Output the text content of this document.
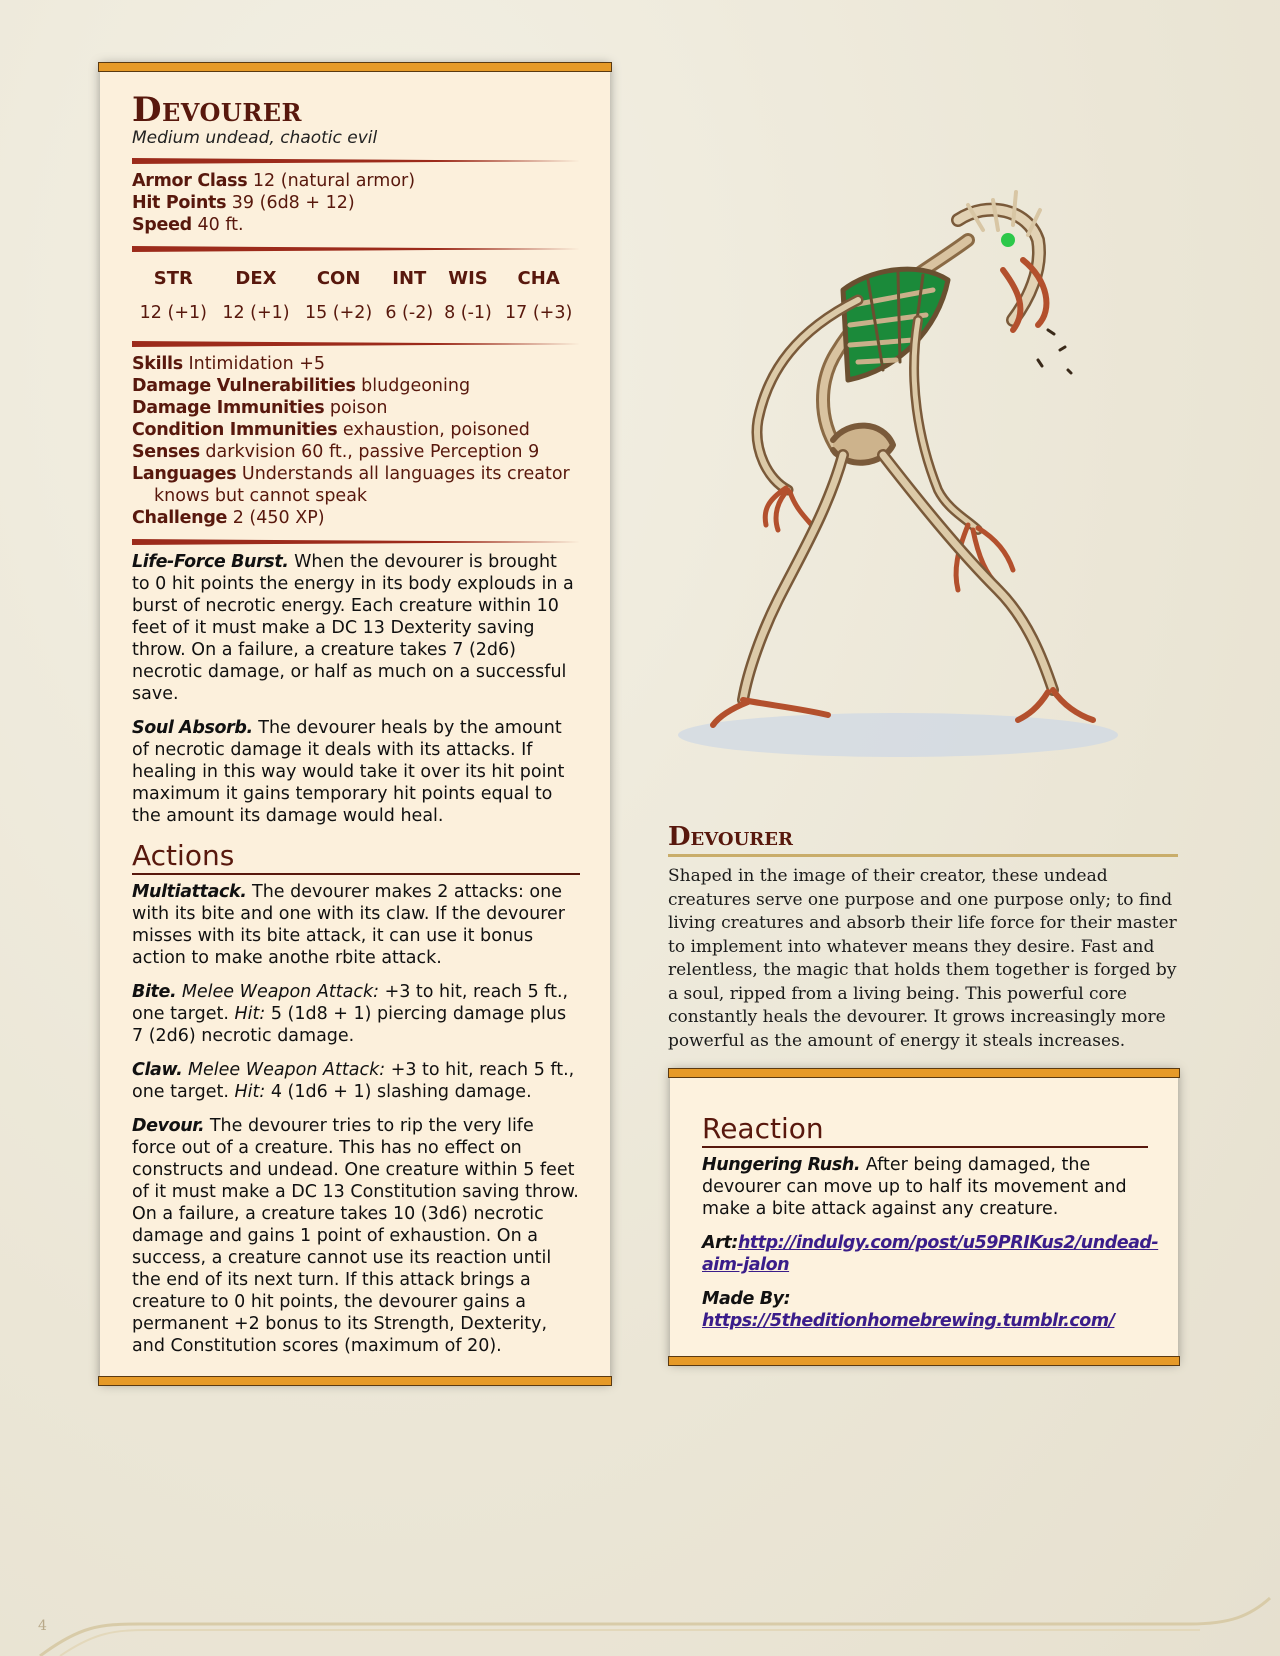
Devourer
Medium undead, chaotic evil
Armor Class 12 (natural armor)
Hit Points 39 (6d8 + 12)
Speed 40 ft.
STR	DEX	CON	INT	WIS	CHA
12 (+1)	12 (+1)	15 (+2)	6 (-2)	8 (-1)	17 (+3)
Skills Intimidation +5
Damage Vulnerabilities bludgeoning
Damage Immunities poison
Condition Immunities exhaustion, poisoned
Senses darkvision 60 ft., passive Perception 9
Languages Understands all languages its creator knows but cannot speak
Challenge 2 (450 XP)

Life-Force Burst. When the devourer is brought to 0 hit points the energy in its body explouds in a burst of necrotic energy. Each creature within 10 feet of it must make a DC 13 Dexterity saving throw. On a failure, a creature takes 7 (2d6) necrotic damage, or half as much on a successful save.

Soul Absorb. The devourer heals by the amount of necrotic damage it deals with its attacks. If healing in this way would take it over its hit point maximum it gains temporary hit points equal to the amount its damage would heal.

Actions

Multiattack. The devourer makes 2 attacks: one with its bite and one with its claw. If the devourer misses with its bite attack, it can use it bonus action to make anothe rbite attack.

Bite. Melee Weapon Attack: +3 to hit, reach 5 ft., one target. Hit: 5 (1d8 + 1) piercing damage plus 7 (2d6) necrotic damage.

Claw. Melee Weapon Attack: +3 to hit, reach 5 ft., one target. Hit: 4 (1d6 + 1) slashing damage.

Devour. The devourer tries to rip the very life force out of a creature. This has no effect on constructs and undead. One creature within 5 feet of it must make a DC 13 Constitution saving throw. On a failure, a creature takes 10 (3d6) necrotic damage and gains 1 point of exhaustion. On a success, a creature cannot use its reaction until the end of its next turn. If this attack brings a creature to 0 hit points, the devourer gains a permanent +2 bonus to its Strength, Dexterity, and Constitution scores (maximum of 20).

Devourer
Shaped in the image of their creator, these undead creatures serve one purpose and one purpose only; to find living creatures and absorb their life force for their master to implement into whatever means they desire. Fast and relentless, the magic that holds them together is forged by a soul, ripped from a living being. This powerful core constantly heals the devourer. It grows increasingly more powerful as the amount of energy it steals increases.
Reaction

Hungering Rush. After being damaged, the devourer can move up to half its movement and make a bite attack against any creature.

Art:http://indulgy.com/post/u59PRIKus2/undead-aim-jalon

Made By:
https://5theditionhomebrewing.tumblr.com/

4
